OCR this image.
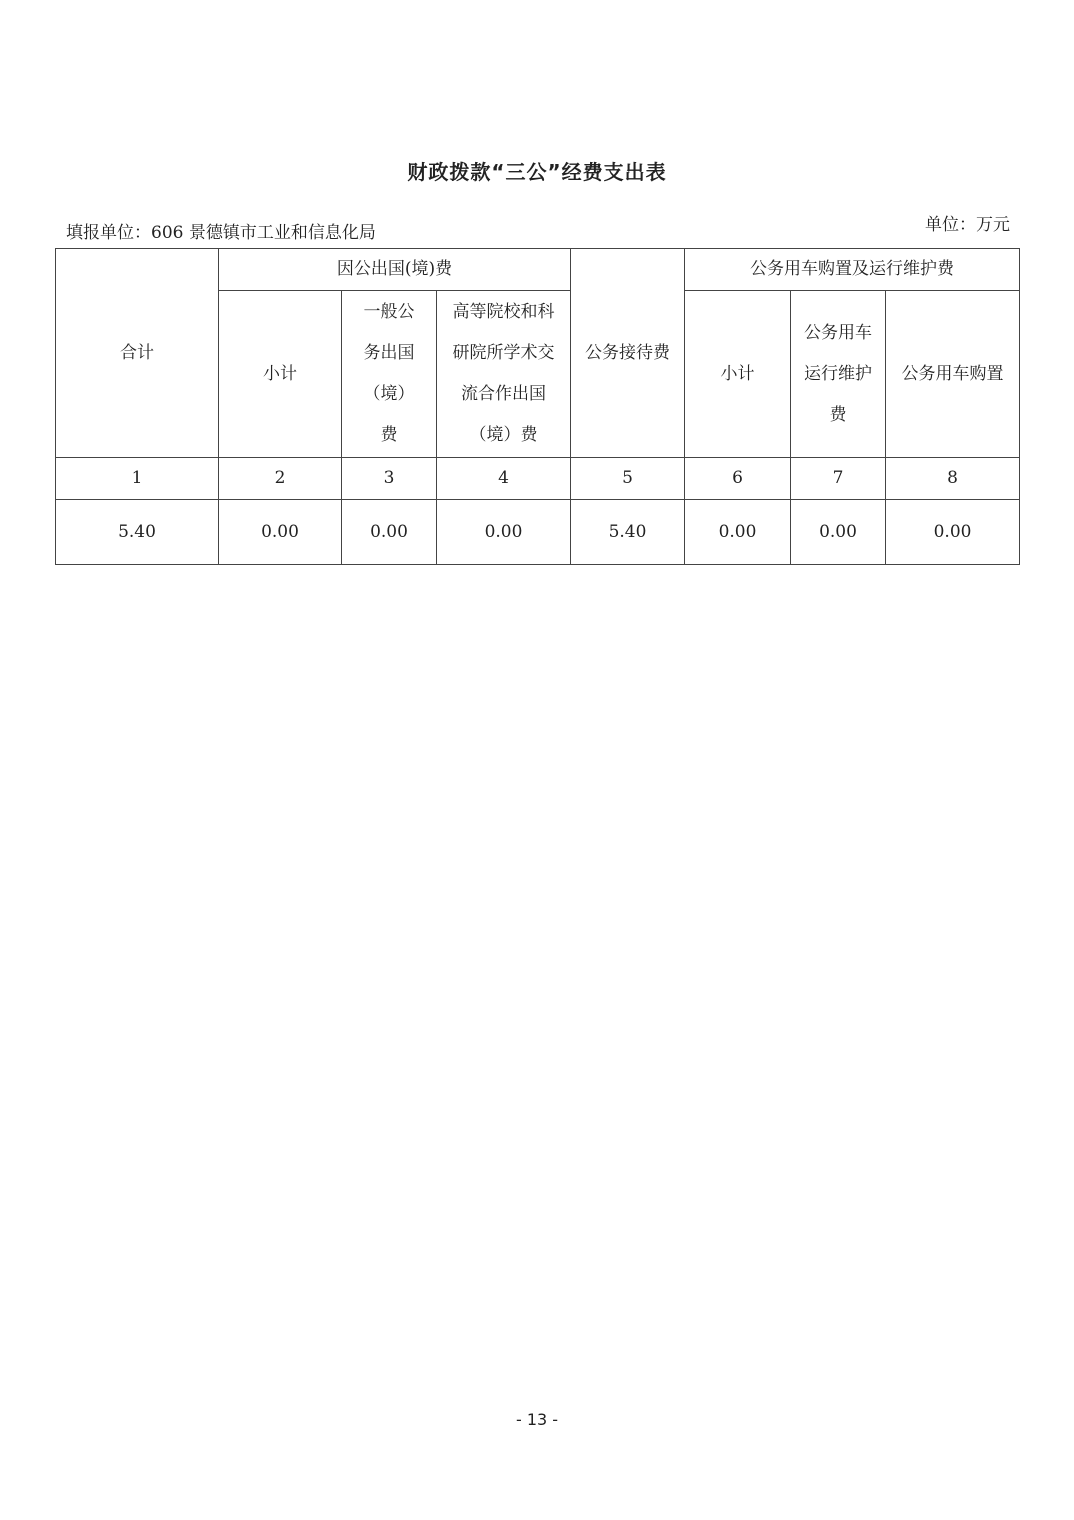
财政拨款“三公”经费支出表
填报单位：606 景德镇市工业和信息化局	单位：万元
合计	因公出国(境)费			公务接待费	公务用车购置及运行维护费		
	小计	一般公务出国（境）费	高等院校和科研院所学术交流合作出国（境）费		小计	公务用车运行维护费	公务用车购置
1	2	3	4	5	6	7	8
5.40	0.00	0.00	0.00	5.40	0.00	0.00	0.00
- 13 -
